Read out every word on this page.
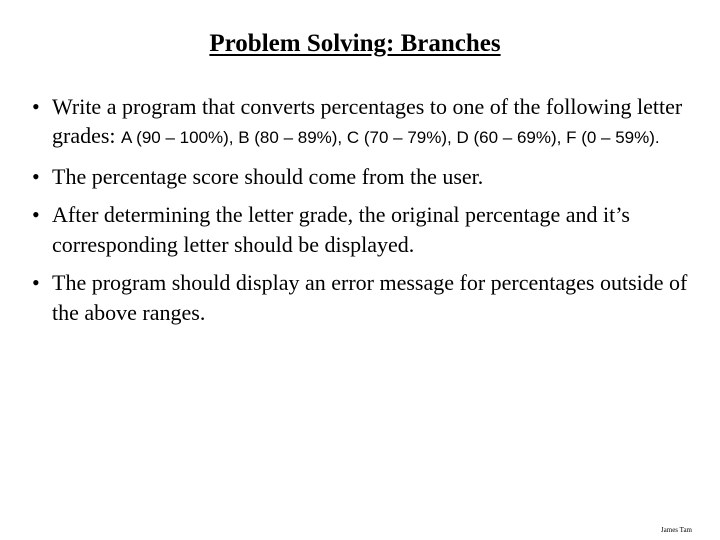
Problem Solving: Branches
• Write a program that converts percentages to one of the following letter grades: A (90 – 100%), B (80 – 89%), C (70 – 79%), D (60 – 69%), F (0 – 59%).
• The percentage score should come from the user.
• After determining the letter grade, the original percentage and it’s corresponding letter should be displayed.
• The program should display an error message for percentages outside of the above ranges.
James Tam
